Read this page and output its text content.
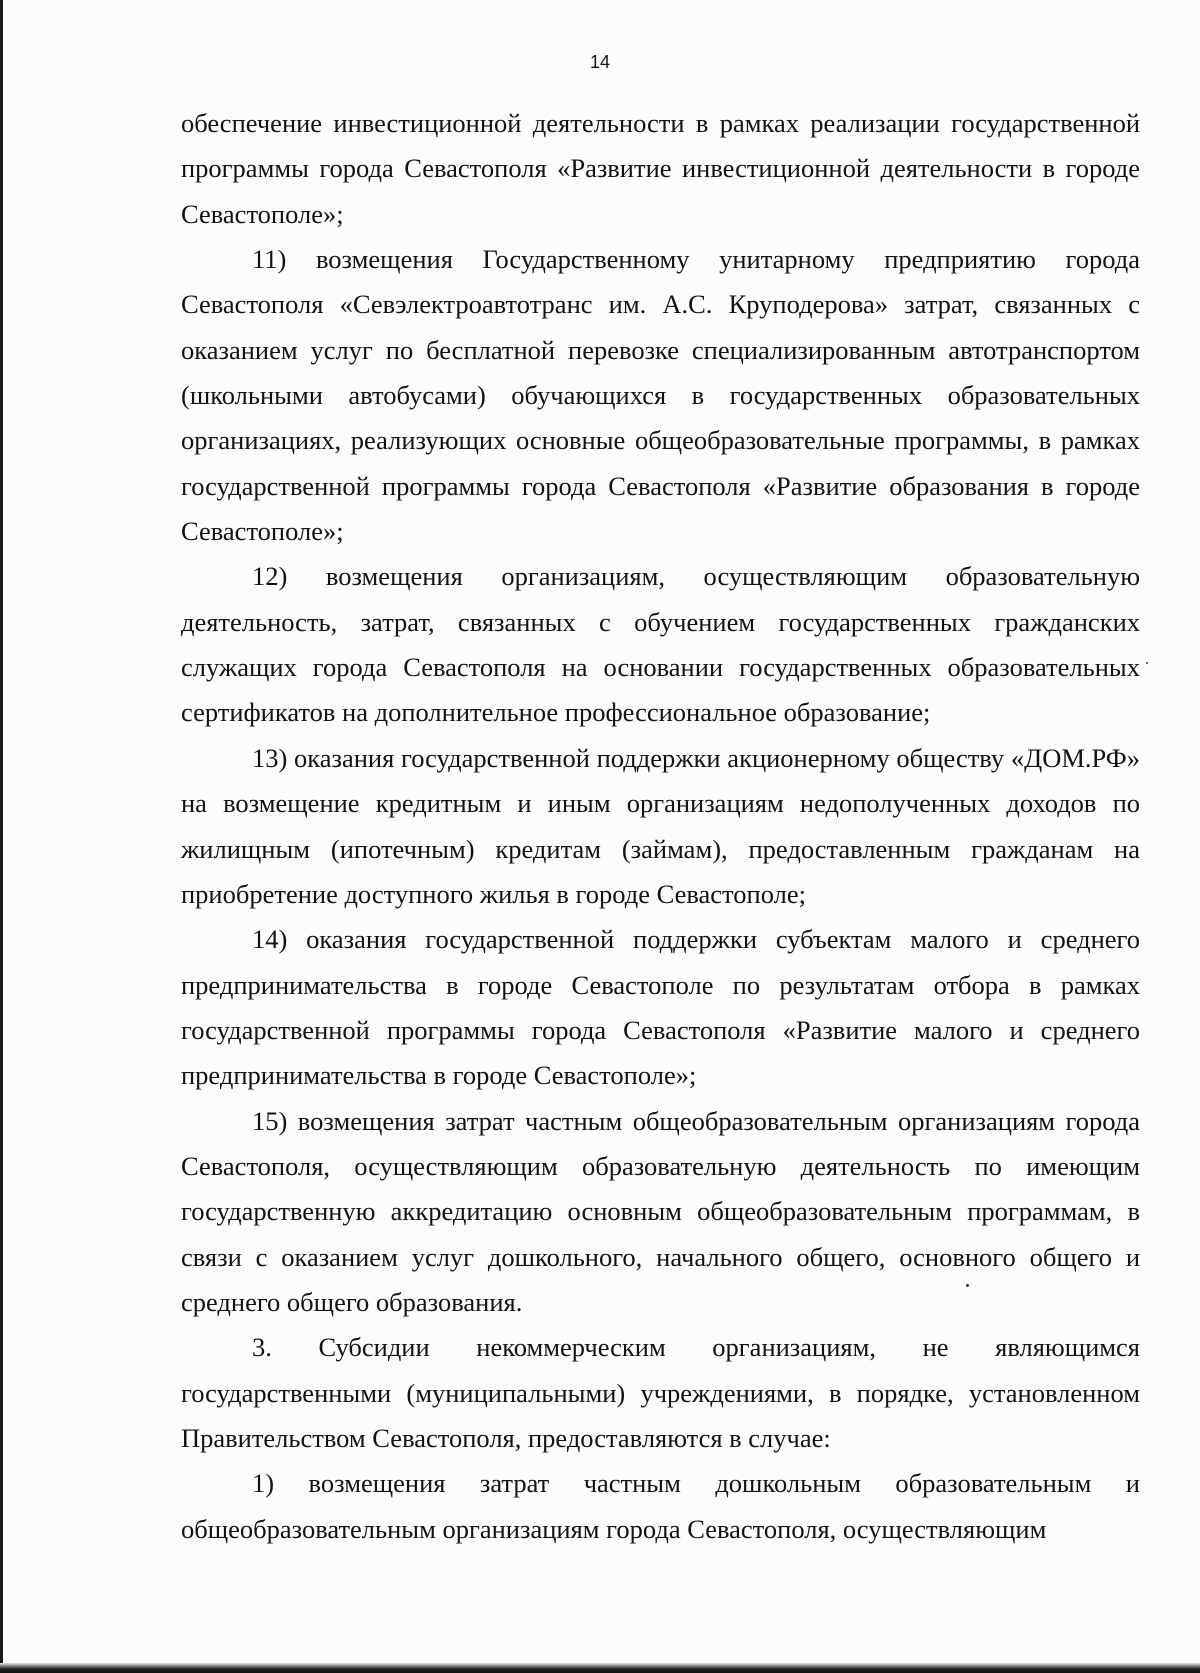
14

обеспечение инвестиционной деятельности в рамках реализации государственной программы города Севастополя «Развитие инвестиционной деятельности в городе Севастополе»;

11) возмещения Государственному унитарному предприятию города Севастополя «Севэлектроавтотранс им. А.С. Круподерова» затрат, связанных с оказанием услуг по бесплатной перевозке специализированным автотранспортом (школьными автобусами) обучающихся в государственных образовательных организациях, реализующих основные общеобразовательные программы, в рамках государственной программы города Севастополя «Развитие образования в городе Севастополе»;

12) возмещения организациям, осуществляющим образовательную деятельность, затрат, связанных с обучением государственных гражданских служащих города Севастополя на основании государственных образовательных сертификатов на дополнительное профессиональное образование;

13) оказания государственной поддержки акционерному обществу «ДОМ.РФ» на возмещение кредитным и иным организациям недополученных доходов по жилищным (ипотечным) кредитам (займам), предоставленным гражданам на приобретение доступного жилья в городе Севастополе;

14) оказания государственной поддержки субъектам малого и среднего предпринимательства в городе Севастополе по результатам отбора в рамках государственной программы города Севастополя «Развитие малого и среднего предпринимательства в городе Севастополе»;

15) возмещения затрат частным общеобразовательным организациям города Севастополя, осуществляющим образовательную деятельность по имеющим государственную аккредитацию основным общеобразовательным программам, в связи с оказанием услуг дошкольного, начального общего, основного общего и среднего общего образования.

3. Субсидии некоммерческим организациям, не являющимся государственными (муниципальными) учреждениями, в порядке, установленном Правительством Севастополя, предоставляются в случае:

1) возмещения затрат частным дошкольным образовательным и общеобразовательным организациям города Севастополя, осуществляющим
